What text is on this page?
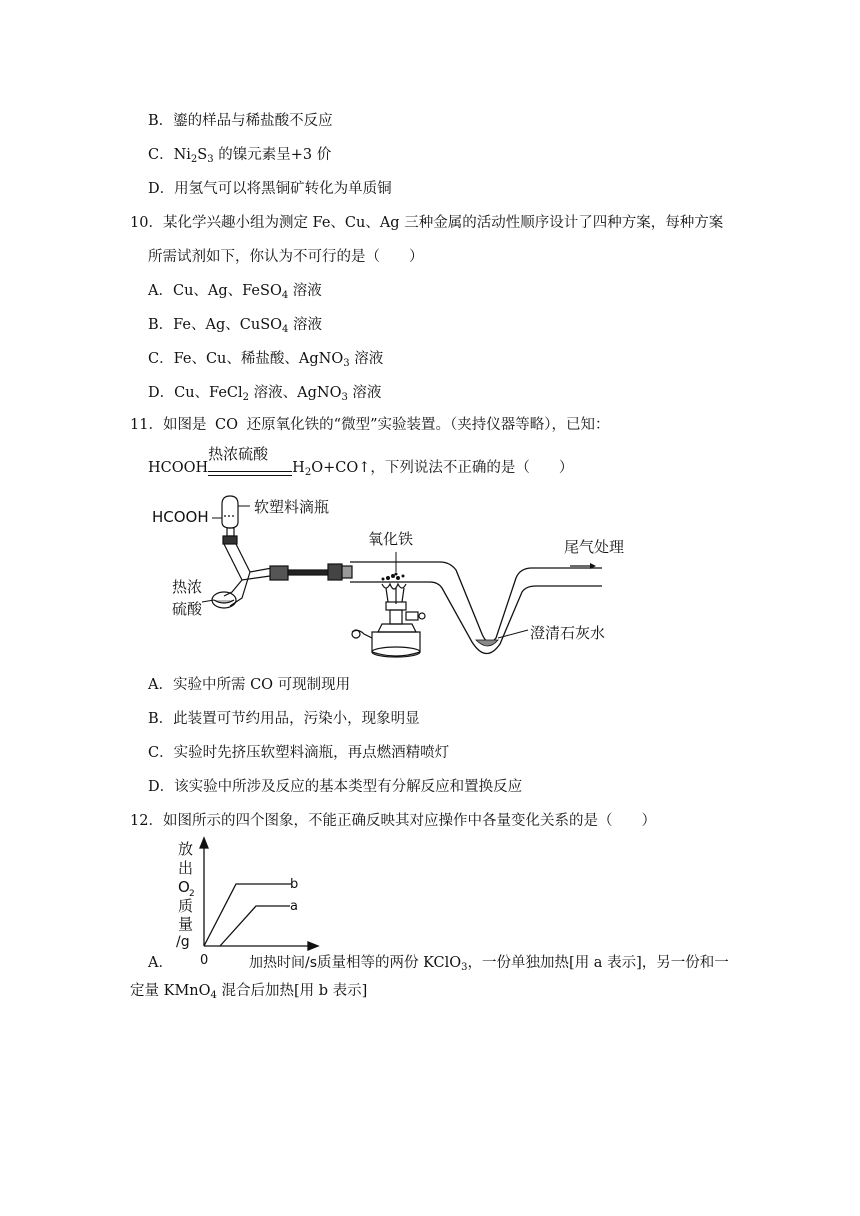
B．鎏的样品与稀盐酸不反应
C．$Ni_2S_3$ 的镍元素呈+3 价
D．用氢气可以将黑铜矿转化为单质铜
10．某化学兴趣小组为测定 Fe、Cu、Ag 三种金属的活动性顺序设计了四种方案，每种方案
所需试剂如下，你认为不可行的是（　　）
A．Cu、Ag、FeSO$_4$ 溶液
B．Fe、Ag、CuSO$_4$ 溶液
C．Fe、Cu、稀盐酸、AgNO$_3$ 溶液
D．Cu、FeCl$_2$ 溶液、AgNO$_3$ 溶液
11．如图是 CO 还原氧化铁的“微型”实验装置。（夹持仪器等略），已知：
HCOOH
热浓硫酸
$H_2O+CO↑$，下列说法不正确的是（　　）
HCOOH
软塑料滴瓶
热浓
硫酸
澄清石灰水
氧化铁	尾气处理
A．实验中所需 CO 可现制现用
B．此装置可节约用品，污染小，现象明显
C．实验时先挤压软塑料滴瓶，再点燃酒精喷灯
D．该实验中所涉及反应的基本类型有分解反应和置换反应
12．如图所示的四个图象，不能正确反映其对应操作中各量变化关系的是（　　）
放
出
O 2
质
量
/g
b
a
0
A．	加热时间/s质量相等的两份 KClO$_3$，一份单独加热[用 a 表示]，另一份和一
定量 KMnO$_4$ 混合后加热[用 b 表示]
